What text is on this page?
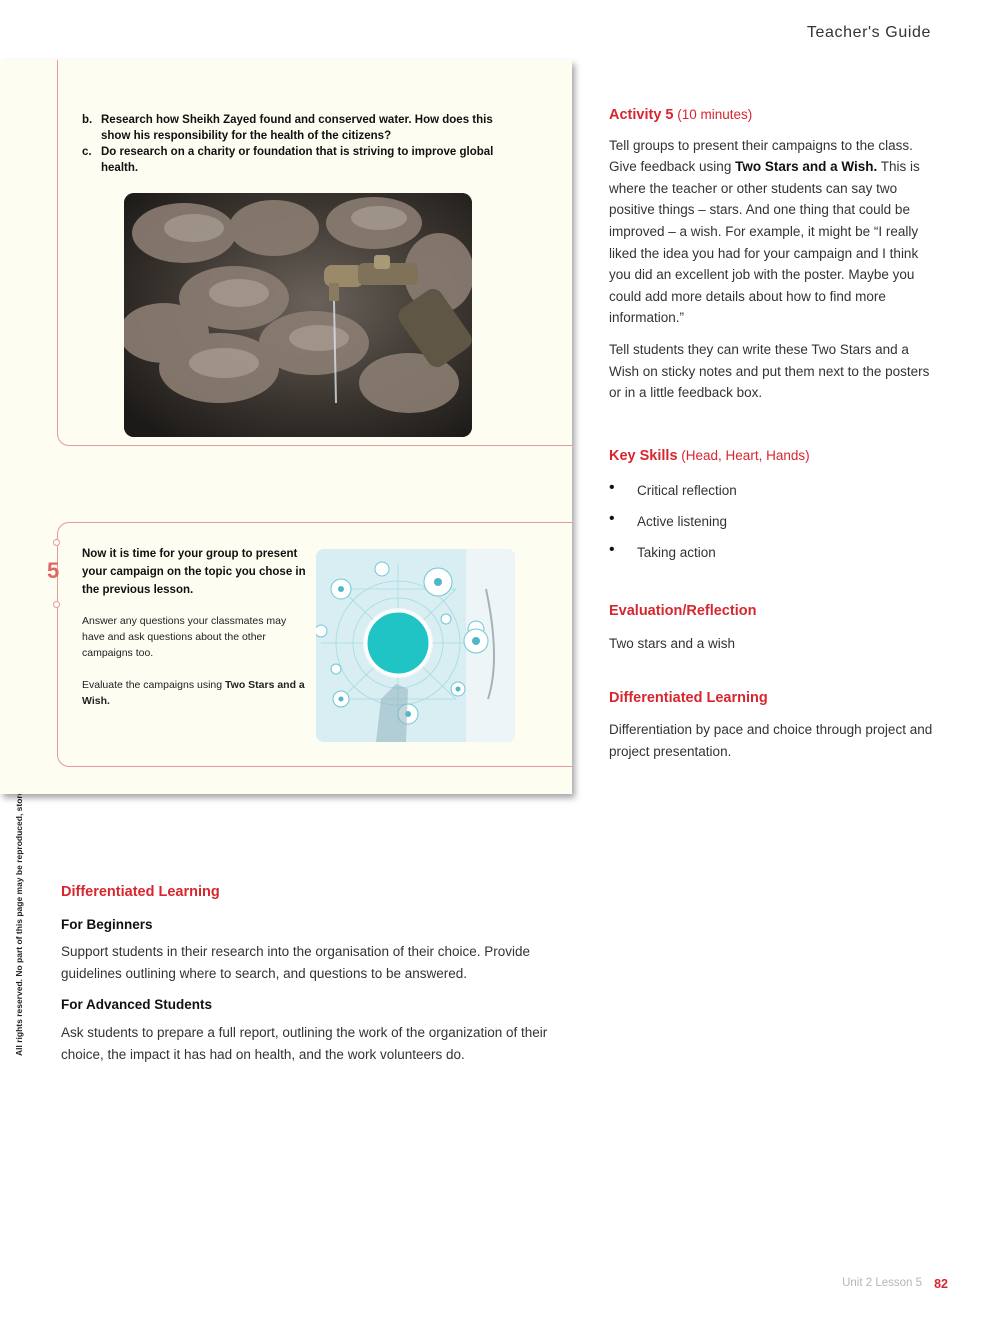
Teacher's Guide
b. Research how Sheikh Zayed found and conserved water. How does this show his responsibility for the health of the citizens?
c. Do research on a charity or foundation that is striving to improve global health.
5
Now it is time for your group to present your campaign on the topic you chose in the previous lesson.

Answer any questions your classmates may have and ask questions about the other campaigns too.

Evaluate the campaigns using Two Stars and a Wish.

Activity 5 (10 minutes)

Tell groups to present their campaigns to the class. Give feedback using Two Stars and a Wish. This is where the teacher or other students can say two positive things – stars. And one thing that could be improved – a wish. For example, it might be “I really liked the idea you had for your campaign and I think you did an excellent job with the poster. Maybe you could add more details about how to find more information.”

Tell students they can write these Two Stars and a Wish on sticky notes and put them next to the posters or in a little feedback box.

Key Skills (Head, Heart, Hands)
• Critical reflection
• Active listening
• Taking action
Evaluation/Reflection

Two stars and a wish

Differentiated Learning

Differentiation by pace and choice through project and project presentation.

Differentiated Learning
For Beginners

Support students in their research into the organisation of their choice. Provide guidelines outlining where to search, and questions to be answered.

For Advanced Students

Ask students to prepare a full report, outlining the work of the organization of their choice, the impact it has had on health, and the work volunteers do.

Unit 2 Lesson 5 82
